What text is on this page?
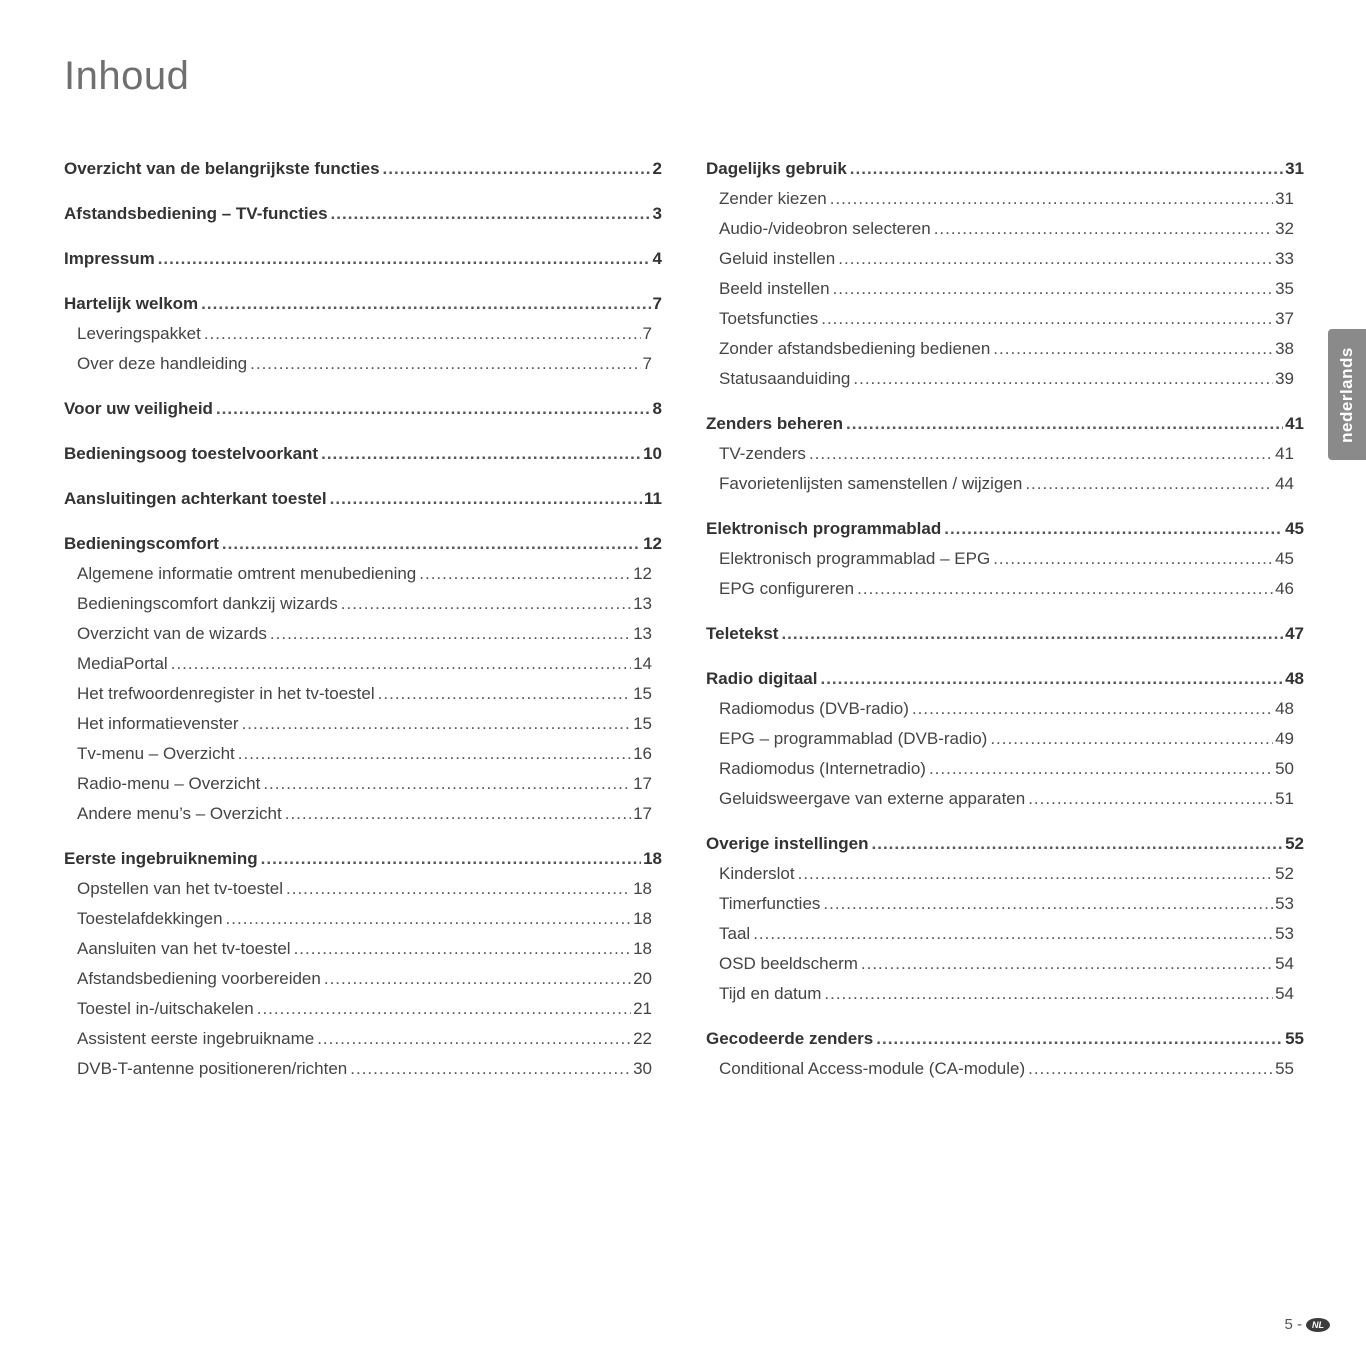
Inhoud
Overzicht van de belangrijkste functies .....	2
Afstandsbediening – TV-functies .....	3
Impressum .....	4
Hartelijk welkom .....	7
Leveringspakket .....	7
Over deze handleiding .....	7
Voor uw veiligheid .....	8
Bedieningsoog toestelvoorkant .....	10
Aansluitingen achterkant toestel .....	11
Bedieningscomfort .....	12
Algemene informatie omtrent menubediening .....	12
Bedieningscomfort dankzij wizards .....	13
Overzicht van de wizards .....	13
MediaPortal .....	14
Het trefwoordenregister in het tv-toestel .....	15
Het informatievenster .....	15
Tv-menu – Overzicht .....	16
Radio-menu – Overzicht .....	17
Andere menu’s – Overzicht .....	17
Eerste ingebruikneming .....	18
Opstellen van het tv-toestel .....	18
Toestelafdekkingen .....	18
Aansluiten van het tv-toestel .....	18
Afstandsbediening voorbereiden .....	20
Toestel in-/uitschakelen .....	21
Assistent eerste ingebruikname .....	22
DVB-T-antenne positioneren/richten .....	30
Dagelijks gebruik .....	31
Zender kiezen .....	31
Audio-/videobron selecteren .....	32
Geluid instellen .....	33
Beeld instellen .....	35
Toetsfuncties .....	37
Zonder afstandsbediening bedienen .....	38
Statusaanduiding .....	39
Zenders beheren .....	41
TV-zenders .....	41
Favorietenlijsten samenstellen / wijzigen .....	44
Elektronisch programmablad .....	45
Elektronisch programmablad – EPG .....	45
EPG configureren .....	46
Teletekst .....	47
Radio digitaal .....	48
Radiomodus (DVB-radio) .....	48
EPG – programmablad (DVB-radio) .....	49
Radiomodus (Internetradio) .....	50
Geluidsweergave van externe apparaten .....	51
Overige instellingen .....	52
Kinderslot .....	52
Timerfuncties .....	53
Taal .....	53
OSD beeldscherm .....	54
Tijd en datum .....	54
Gecodeerde zenders .....	55
Conditional Access-module (CA-module) .....	55
nederlands
5 -	NL
